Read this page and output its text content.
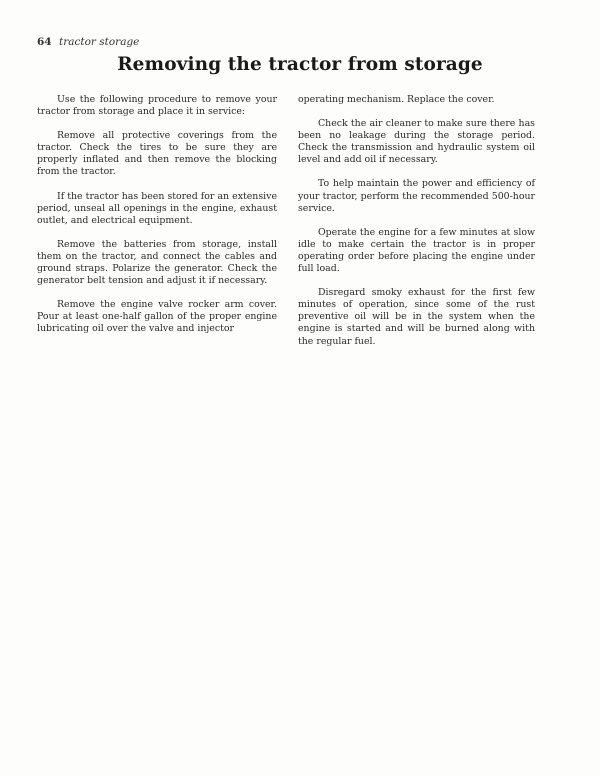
64 tractor storage
Removing the tractor from storage

Use the following procedure to remove your tractor from storage and place it in service:

Remove all protective coverings from the tractor. Check the tires to be sure they are properly inflated and then remove the blocking from the tractor.

If the tractor has been stored for an extensive period, unseal all openings in the engine, exhaust outlet, and electrical equipment.

Remove the batteries from storage, install them on the tractor, and connect the cables and ground straps. Polarize the generator. Check the generator belt tension and adjust it if necessary.

Remove the engine valve rocker arm cover. Pour at least one-half gallon of the proper engine lubricating oil over the valve and injector

operating mechanism. Replace the cover.

Check the air cleaner to make sure there has been no leakage during the storage period. Check the transmission and hydraulic system oil level and add oil if necessary.

To help maintain the power and efficiency of your tractor, perform the recommended 500-hour service.

Operate the engine for a few minutes at slow idle to make certain the tractor is in proper operating order before placing the engine under full load.

Disregard smoky exhaust for the first few minutes of operation, since some of the rust preventive oil will be in the system when the engine is started and will be burned along with the regular fuel.
